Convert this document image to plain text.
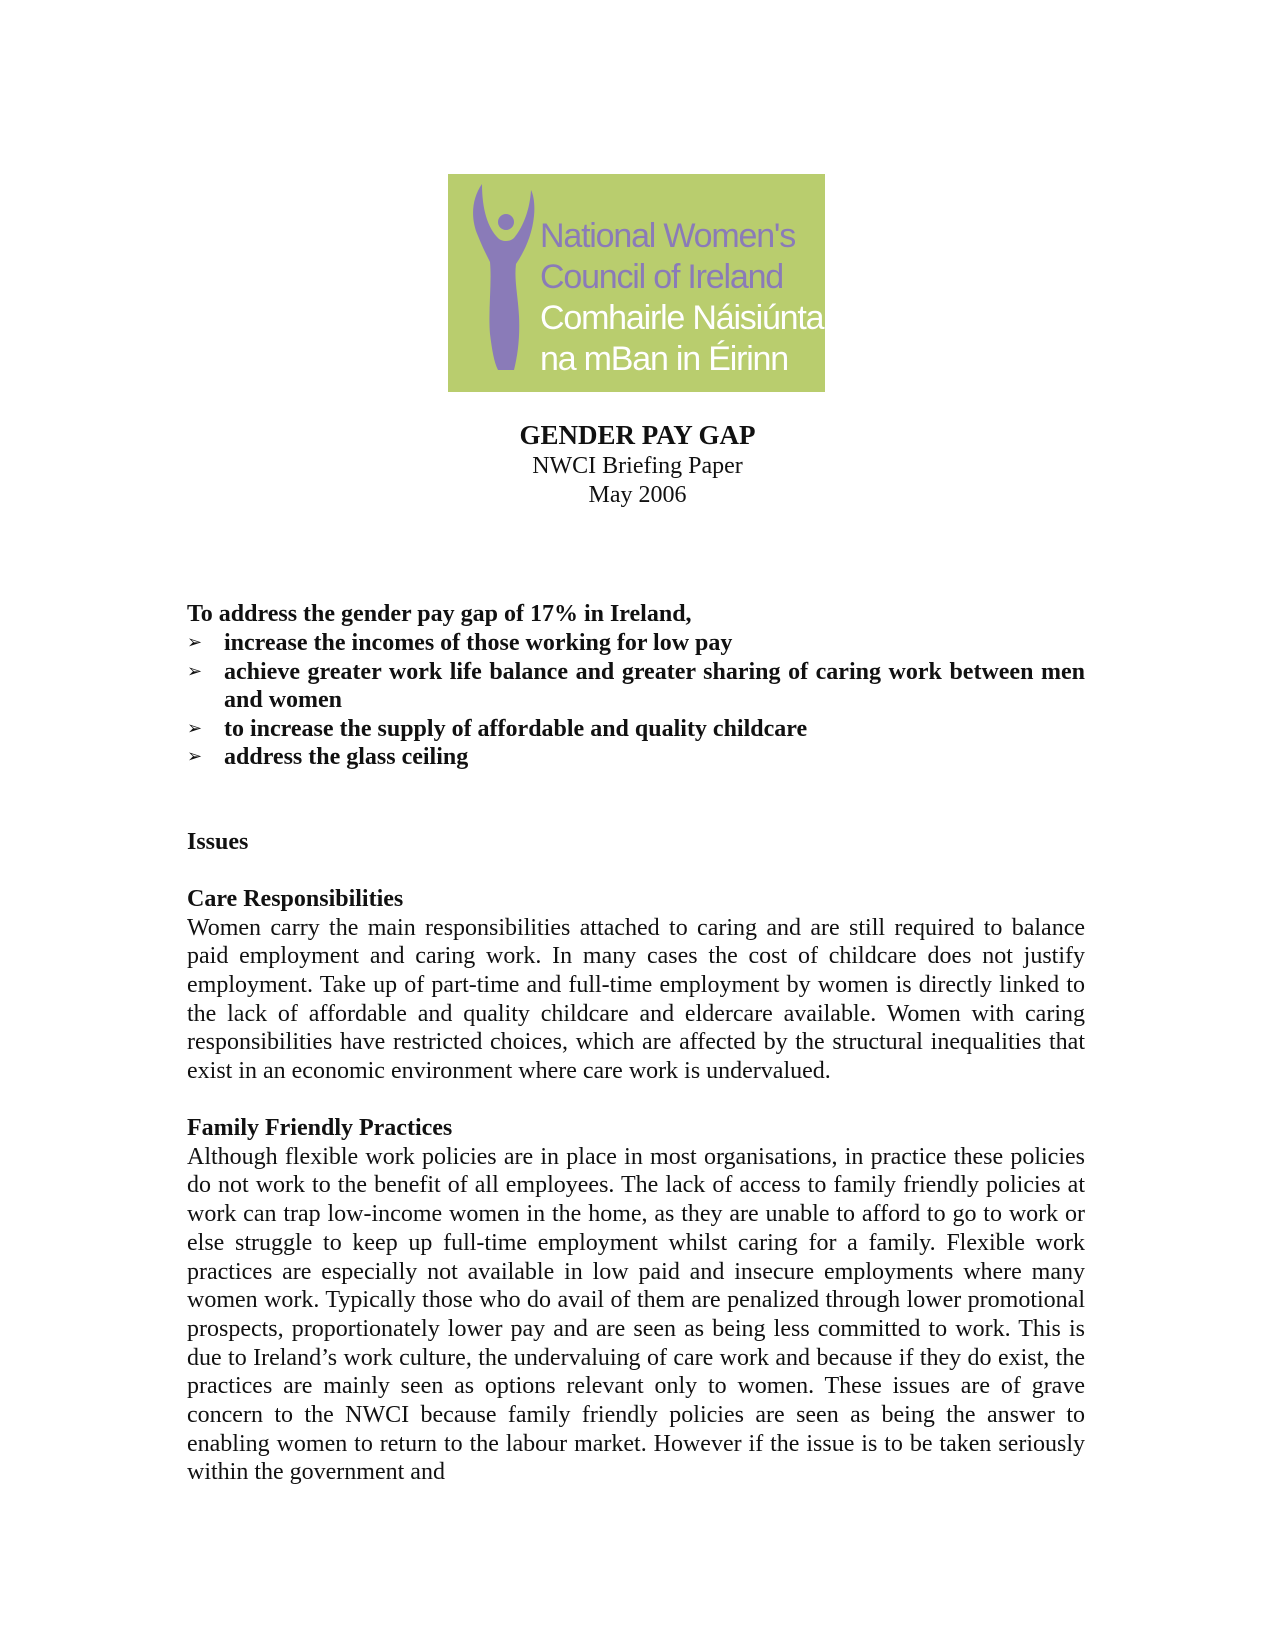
National Women's
Council of Ireland
Comhairle Náisiúnta
na mBan in Éirinn
GENDER PAY GAP
NWCI Briefing Paper
May 2006

To address the gender pay gap of 17% in Ireland,

➢ increase the incomes of those working for low pay
➢ achieve greater work life balance and greater sharing of caring work between men and women
➢ to increase the supply of affordable and quality childcare
➢ address the glass ceiling
Issues
Care Responsibilities

Women carry the main responsibilities attached to caring and are still required to balance paid employment and caring work. In many cases the cost of childcare does not justify employment. Take up of part-time and full-time employment by women is directly linked to the lack of affordable and quality childcare and eldercare available. Women with caring responsibilities have restricted choices, which are affected by the structural inequalities that exist in an economic environment where care work is undervalued.

Family Friendly Practices

Although flexible work policies are in place in most organisations, in practice these policies do not work to the benefit of all employees. The lack of access to family friendly policies at work can trap low-income women in the home, as they are unable to afford to go to work or else struggle to keep up full-time employment whilst caring for a family. Flexible work practices are especially not available in low paid and insecure employments where many women work. Typically those who do avail of them are penalized through lower promotional prospects, proportionately lower pay and are seen as being less committed to work. This is due to Ireland’s work culture, the undervaluing of care work and because if they do exist, the practices are mainly seen as options relevant only to women. These issues are of grave concern to the NWCI because family friendly policies are seen as being the answer to enabling women to return to the labour market. However if the issue is to be taken seriously within the government and
